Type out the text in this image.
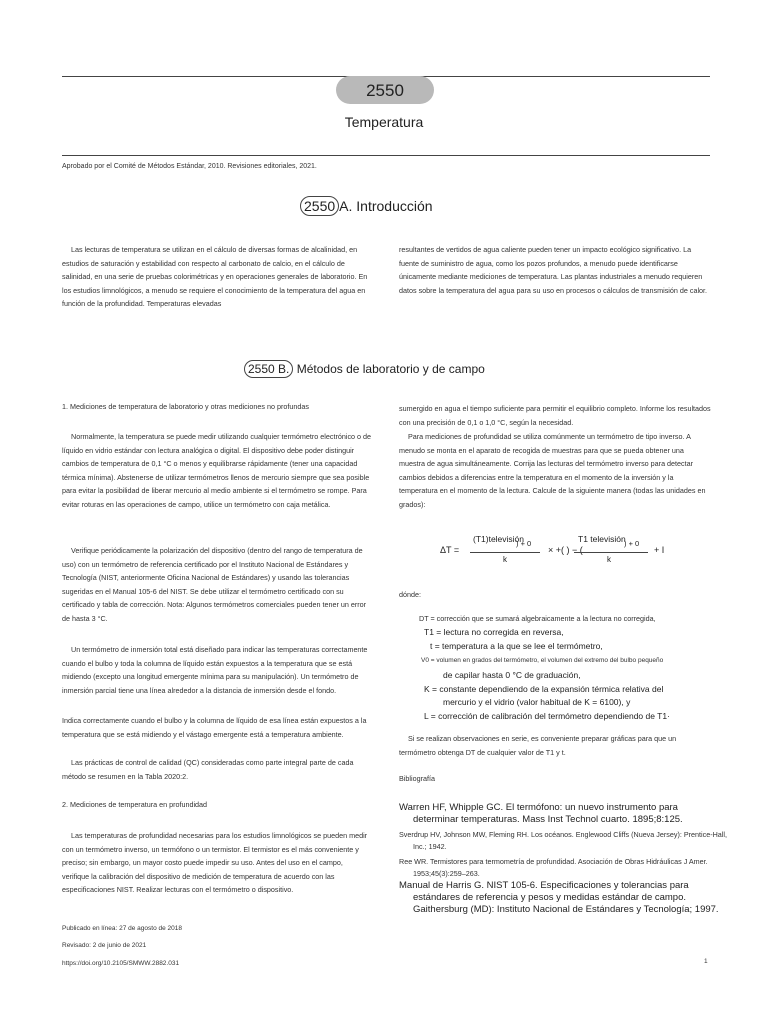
2550
Temperatura
Aprobado por el Comité de Métodos Estándar, 2010. Revisiones editoriales, 2021.
2550 A. Introducción
Las lecturas de temperatura se utilizan en el cálculo de diversas formas de alcalinidad, en estudios de saturación y estabilidad con respecto al carbonato de calcio, en el cálculo de salinidad, en una serie de pruebas colorimétricas y en operaciones generales de laboratorio. En los estudios limnológicos, a menudo se requiere el conocimiento de la temperatura del agua en función de la profundidad. Temperaturas elevadas
resultantes de vertidos de agua caliente pueden tener un impacto ecológico significativo. La fuente de suministro de agua, como los pozos profundos, a menudo puede identificarse únicamente mediante mediciones de temperatura. Las plantas industriales a menudo requieren datos sobre la temperatura del agua para su uso en procesos o cálculos de transmisión de calor.
2550 B. Métodos de laboratorio y de campo
1. Mediciones de temperatura de laboratorio y otras mediciones no profundas
Normalmente, la temperatura se puede medir utilizando cualquier termómetro electrónico o de líquido en vidrio estándar con lectura analógica o digital. El dispositivo debe poder distinguir cambios de temperatura de 0,1 °C o menos y equilibrarse rápidamente (tener una capacidad térmica mínima). Abstenerse de utilizar termómetros llenos de mercurio siempre que sea posible para evitar la posibilidad de liberar mercurio al medio ambiente si el termómetro se rompe. Para evitar roturas en las operaciones de campo, utilice un termómetro con caja metálica.
Verifique periódicamente la polarización del dispositivo (dentro del rango de temperatura de uso) con un termómetro de referencia certificado por el Instituto Nacional de Estándares y Tecnología (NIST, anteriormente Oficina Nacional de Estándares) y usando las tolerancias sugeridas en el Manual 105-6 del NIST. Se debe utilizar el termómetro certificado con su certificado y tabla de corrección. Nota: Algunos termómetros comerciales pueden tener un error de hasta 3 °C.
Un termómetro de inmersión total está diseñado para indicar las temperaturas correctamente cuando el bulbo y toda la columna de líquido están expuestos a la temperatura que se está midiendo (excepto una longitud emergente mínima para su manipulación). Un termómetro de inmersión parcial tiene una línea alrededor a la distancia de inmersión desde el fondo.
Indica correctamente cuando el bulbo y la columna de líquido de esa línea están expuestos a la temperatura que se está midiendo y el vástago emergente está a temperatura ambiente.
Las prácticas de control de calidad (QC) consideradas como parte integral parte de cada método se resumen en la Tabla 2020:2.
2. Mediciones de temperatura en profundidad
Las temperaturas de profundidad necesarias para los estudios limnológicos se pueden medir con un termómetro inverso, un termófono o un termistor. El termistor es el más conveniente y preciso; sin embargo, un mayor costo puede impedir su uso. Antes del uso en el campo, verifique la calibración del dispositivo de medición de temperatura de acuerdo con las especificaciones NIST. Realizar lecturas con el termómetro o dispositivo.
sumergido en agua el tiempo suficiente para permitir el equilibrio completo. Informe los resultados con una precisión de 0,1 o 1,0 °C, según la necesidad.
Para mediciones de profundidad se utiliza comúnmente un termómetro de tipo inverso. A menudo se monta en el aparato de recogida de muestras para que se pueda obtener una muestra de agua simultáneamente. Corrija las lecturas del termómetro inverso para detectar cambios debidos a diferencias entre la temperatura en el momento de la inversión y la temperatura en el momento de la lectura. Calcule de la siguiente manera (todas las unidades en grados):
ΔT =
(T1)televisión
) + 0
k
× +( ) − (
T1 televisión
) + 0
k
+ I
dónde:
DT = corrección que se sumará algebraicamente a la lectura no corregida,
T1 = lectura no corregida en reversa,
t = temperatura a la que se lee el termómetro,
V0 = volumen en grados del termómetro, el volumen del extremo del bulbo pequeño
de capilar hasta 0 °C de graduación,
K = constante dependiendo de la expansión térmica relativa del
mercurio y el vidrio (valor habitual de K = 6100), y
L = corrección de calibración del termómetro dependiendo de T1·
Si se realizan observaciones en serie, es conveniente preparar gráficas para que un termómetro obtenga DT de cualquier valor de T1 y t.
Bibliografía
Warren HF, Whipple GC. El termófono: un nuevo instrumento para determinar temperaturas. Mass Inst Technol cuarto. 1895;8:125.
Sverdrup HV, Johnson MW, Fleming RH. Los océanos. Englewood Cliffs (Nueva Jersey): Prentice-Hall, Inc.; 1942.
Ree WR. Termistores para termometría de profundidad. Asociación de Obras Hidráulicas J Amer. 1953;45(3):259–263.
Manual de Harris G. NIST 105-6. Especificaciones y tolerancias para estándares de referencia y pesos y medidas estándar de campo. Gaithersburg (MD): Instituto Nacional de Estándares y Tecnología; 1997.
Publicado en línea: 27 de agosto de 2018
Revisado: 2 de junio de 2021
https://doi.org/10.2105/SMWW.2882.031	1
